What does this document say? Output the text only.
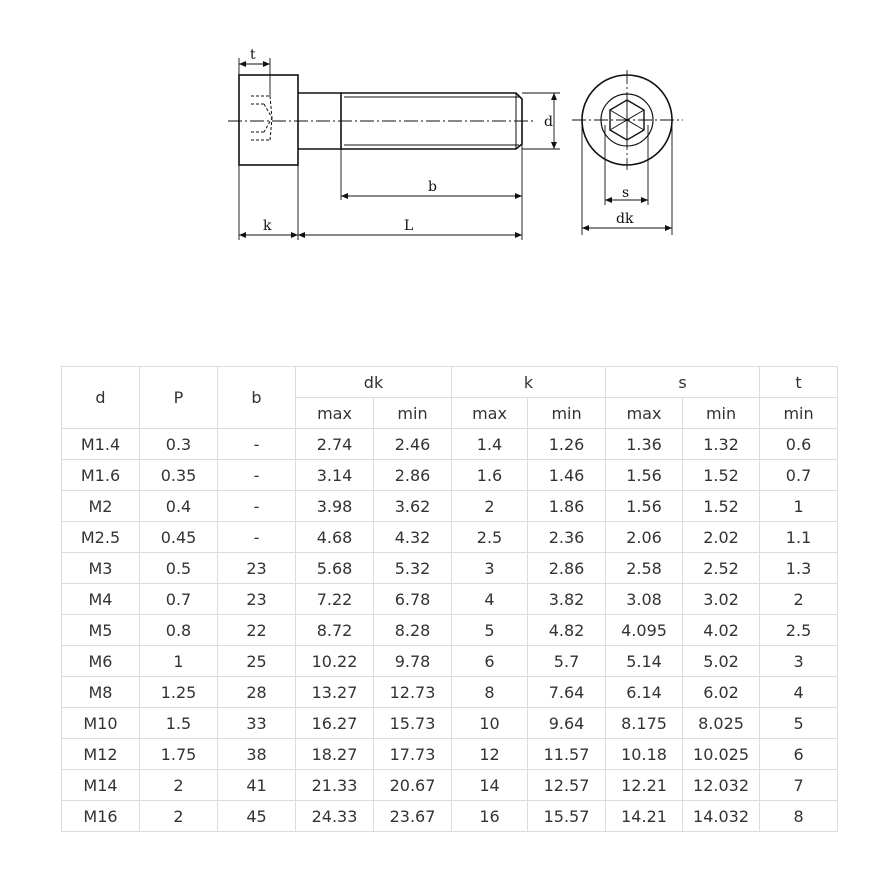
t
d
b
k	L
s
dk
d	P	b	dk		k		s		t
			max	min	max	min	max	min	min
M1.4	0.3	-	2.74	2.46	1.4	1.26	1.36	1.32	0.6
M1.6	0.35	-	3.14	2.86	1.6	1.46	1.56	1.52	0.7
M2	0.4	-	3.98	3.62	2	1.86	1.56	1.52	1
M2.5	0.45	-	4.68	4.32	2.5	2.36	2.06	2.02	1.1
M3	0.5	23	5.68	5.32	3	2.86	2.58	2.52	1.3
M4	0.7	23	7.22	6.78	4	3.82	3.08	3.02	2
M5	0.8	22	8.72	8.28	5	4.82	4.095	4.02	2.5
M6	1	25	10.22	9.78	6	5.7	5.14	5.02	3
M8	1.25	28	13.27	12.73	8	7.64	6.14	6.02	4
M10	1.5	33	16.27	15.73	10	9.64	8.175	8.025	5
M12	1.75	38	18.27	17.73	12	11.57	10.18	10.025	6
M14	2	41	21.33	20.67	14	12.57	12.21	12.032	7
M16	2	45	24.33	23.67	16	15.57	14.21	14.032	8
